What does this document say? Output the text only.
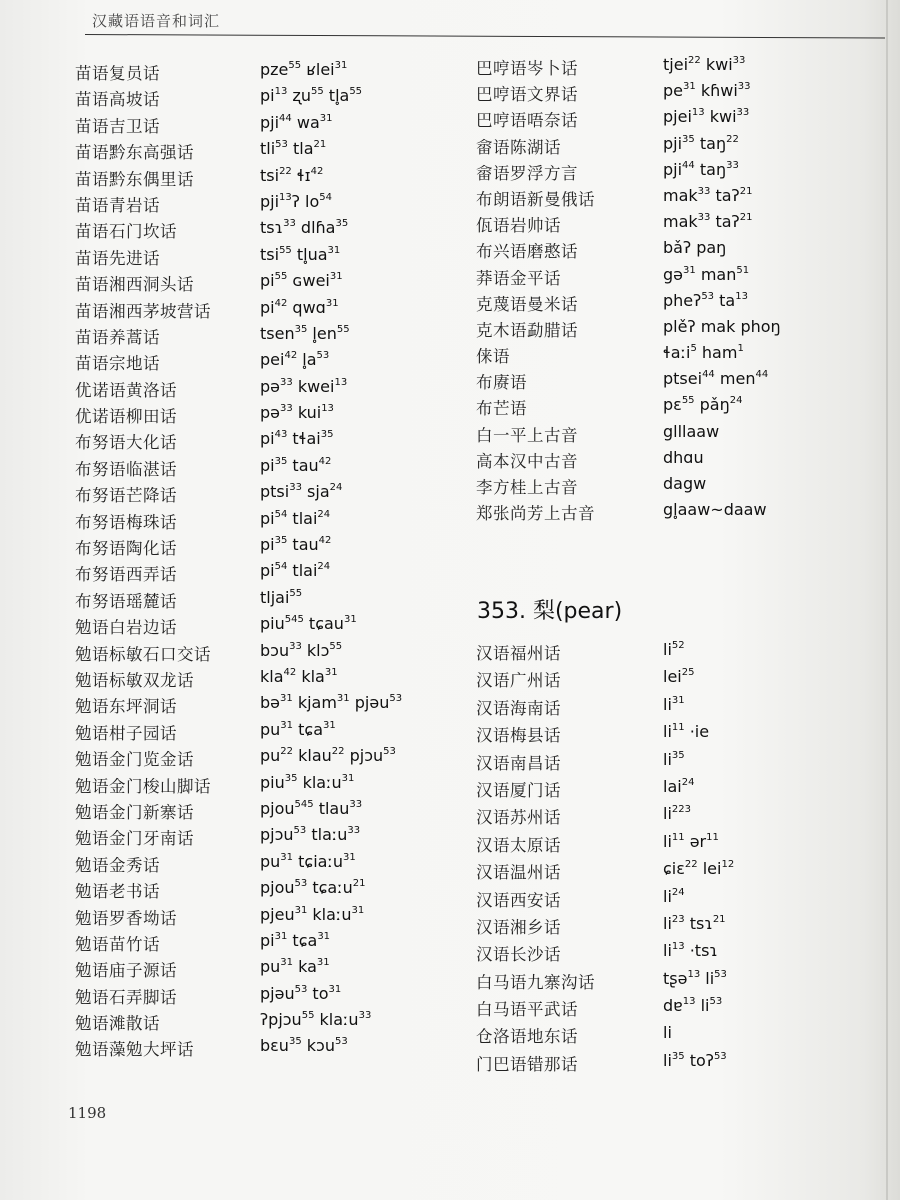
汉藏语语音和词汇
苗语复员话	pze$^{55}$ ʁlei$^{31}$
苗语高坡话	$pi^{13}$ ʐu$^{55}$ $tl̥a^{55}$
苗语吉卫话	pji$^{44}$ $wa^{31}$
苗语黔东高强话	tli$^{53}$ tla$^{21}$
苗语黔东偶里话	tsi$^{22}$ ɬɪ$^{42}$
苗语青岩话	pji$^{13}$ʔ $lo^{54}$
苗语石门坎话	tsɿ$^{33}$ dlɦa$^{35}$
苗语先进话	tsi$^{55}$ $tl̥ua^{31}$
苗语湘西洞头话	$pi^{55}$ ɢwei$^{31}$
苗语湘西茅坡营话	$pi^{42}$ qwɑ$^{31}$
苗语养蒿话	tsen$^{35}$ $l̥en^{55}$
苗语宗地话	pei$^{42}$ $l̥a^{53}$
优诺语黄洛话	pə$^{33}$ kwei$^{13}$
优诺语柳田话	pə$^{33}$ kui$^{13}$
布努语大化话	$pi^{43}$ tɬai$^{35}$
布努语临湛话	$pi^{35}$ tau$^{42}$
布努语芒降话	ptsi$^{33}$ sja$^{24}$
布努语梅珠话	$pi^{54}$ tlai$^{24}$
布努语陶化话	$pi^{35}$ tau$^{42}$
布努语西弄话	$pi^{54}$ tlai$^{24}$
布努语瑶麓话	tljai$^{55}$
勉语白岩边话	piu$^{545}$ tɕau$^{31}$
勉语标敏石口交话	bɔu$^{33}$ klɔ$^{55}$
勉语标敏双龙话	kla$^{42}$ kla$^{31}$
勉语东坪洞话	bə$^{31}$ kjam$^{31}$ pjəu$^{53}$
勉语柑子园话	$pu^{31}$ tɕa$^{31}$
勉语金门览金话	$pu^{22}$ klau$^{22}$ pjɔu$^{53}$
勉语金门梭山脚话	piu$^{35}$ klaːu$^{31}$
勉语金门新寨话	pjou$^{545}$ tlau$^{33}$
勉语金门牙南话	pjɔu$^{53}$ tlaːu$^{33}$
勉语金秀话	$pu^{31}$ tɕiaːu$^{31}$
勉语老书话	pjou$^{53}$ tɕaːu$^{21}$
勉语罗香坳话	pjeu$^{31}$ klaːu$^{31}$
勉语苗竹话	$pi^{31}$ tɕa$^{31}$
勉语庙子源话	$pu^{31}$ $ka^{31}$
勉语石弄脚话	pjəu$^{53}$ $to^{31}$
勉语滩散话	ʔpjɔu$^{55}$ klaːu$^{33}$
勉语藻勉大坪话	bɛu$^{35}$ kɔu$^{53}$
巴哼语岑卜话	tjei$^{22}$ kwi$^{33}$
巴哼语文界话	$pe^{31}$ kɦwi$^{33}$
巴哼语唔奈话	pjei$^{13}$ kwi$^{33}$
畲语陈湖话	pji$^{35}$ taŋ$^{22}$
畲语罗浮方言	pji$^{44}$ taŋ$^{33}$
布朗语新曼俄话	mak$^{33}$ taʔ$^{21}$
佤语岩帅话	mak$^{33}$ taʔ$^{21}$
布兴语磨憨话	bǎʔ paŋ
莽语金平话	gə$^{31}$ man$^{51}$
克蔑语曼米话	pheʔ$^{53}$ $ta^{13}$
克木语勐腊话	plěʔ mak phoŋ
俫语	ɬaːi$^5$ ham$^1$
布赓语	ptsei$^{44}$ men$^{44}$
布芒语	pɛ$^{55}$ pǎŋ$^{24}$
白一平上古音	glllaaw
高本汉中古音	dhɑu
李方桂上古音	dagw
郑张尚芳上古音	gl̥aaw~daaw
353. 梨(pear)
汉语福州话	$li^{52}$
汉语广州话	lei$^{25}$
汉语海南话	$li^{31}$
汉语梅县话	$li^{11} \cdot ie$
汉语南昌话	$li^{35}$
汉语厦门话	lai$^{24}$
汉语苏州话	$li^{223}$
汉语太原话	$li^{11}$ ər$^{11}$
汉语温州话	ɕiɛ$^{22}$ lei$^{12}$
汉语西安话	$li^{24}$
汉语湘乡话	$li^{23}$ tsɿ$^{21}$
汉语长沙话	$li^{13}$ ·tsɿ
白马语九寨沟话	tʂə$^{13}$ $li^{53}$
白马语平武话	dɐ$^{13}$ $li^{53}$
仓洛语地东话	li
门巴语错那话	$li^{35}$ toʔ$^{53}$
1198
